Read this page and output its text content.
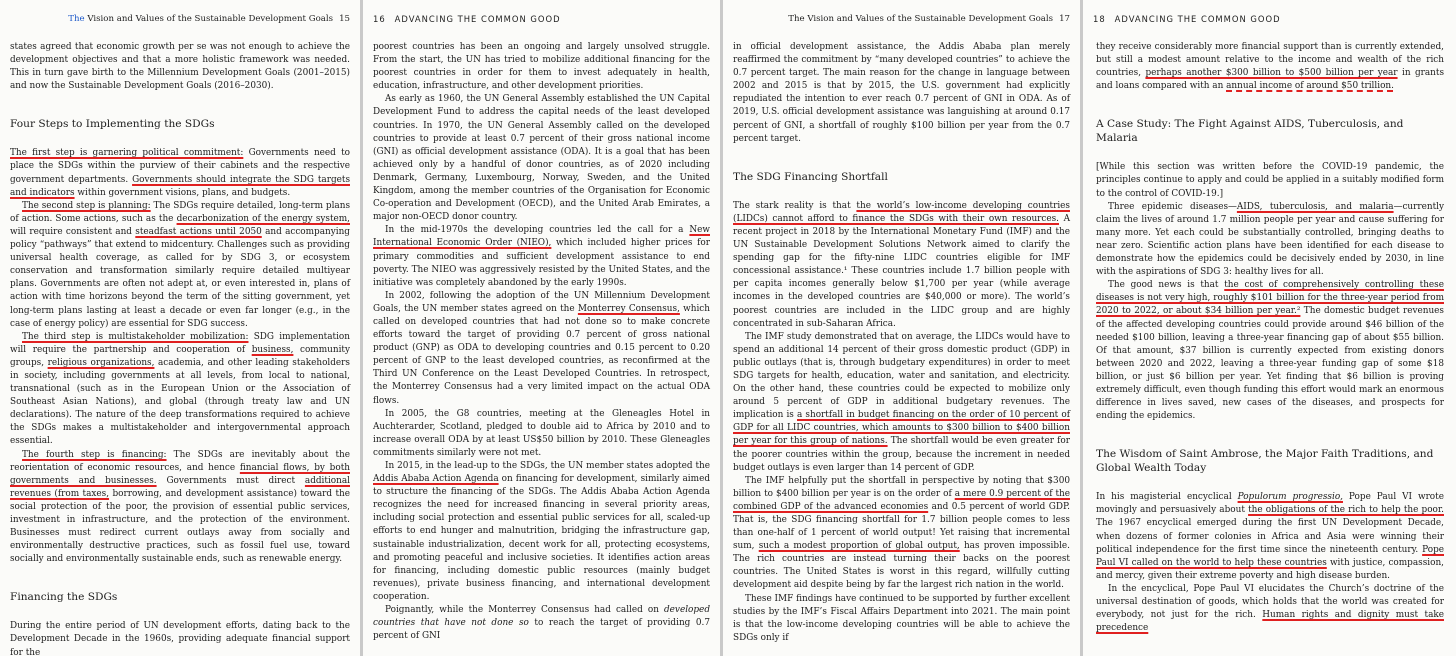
The Vision and Values of the Sustainable Development Goals 15

states agreed that economic growth per se was not enough to achieve the development objectives and that a more holistic framework was needed. This in turn gave birth to the Millennium Development Goals (2001–2015) and now the Sustainable Development Goals (2016–2030).

Four Steps to Implementing the SDGs

The first step is garnering political commitment: Governments need to place the SDGs within the purview of their cabinets and the respective government departments. Governments should integrate the SDG targets and indicators within government visions, plans, and budgets.

The second step is planning: The SDGs require detailed, long-term plans of action. Some actions, such as the decarbonization of the energy system, will require consistent and steadfast actions until 2050 and accompanying policy “pathways” that extend to midcentury. Challenges such as providing universal health coverage, as called for by SDG 3, or ecosystem conservation and transformation similarly require detailed multiyear plans. Governments are often not adept at, or even interested in, plans of action with time horizons beyond the term of the sitting government, yet long-term plans lasting at least a decade or even far longer (e.g., in the case of energy policy) are essential for SDG success.

The third step is multistakeholder mobilization: SDG implementation will require the partnership and cooperation of business, community groups, religious organizations, academia, and other leading stakeholders in society, including governments at all levels, from local to national, transnational (such as in the European Union or the Association of Southeast Asian Nations), and global (through treaty law and UN declarations). The nature of the deep transformations required to achieve the SDGs makes a multistakeholder and intergovernmental approach essential.

The fourth step is financing: The SDGs are inevitably about the reorientation of economic resources, and hence financial flows, by both governments and businesses. Governments must direct additional revenues (from taxes, borrowing, and development assistance) toward the social protection of the poor, the provision of essential public services, investment in infrastructure, and the protection of the environment. Businesses must redirect current outlays away from socially and environmentally destructive practices, such as fossil fuel use, toward socially and environmentally sustainable ends, such as renewable energy.

Financing the SDGs

During the entire period of UN development efforts, dating back to the Development Decade in the 1960s, providing adequate financial support for the

16 ADVANCING THE COMMON GOOD

poorest countries has been an ongoing and largely unsolved struggle. From the start, the UN has tried to mobilize additional financing for the poorest countries in order for them to invest adequately in health, education, infrastructure, and other development priorities.

As early as 1960, the UN General Assembly established the UN Capital Development Fund to address the capital needs of the least developed countries. In 1970, the UN General Assembly called on the developed countries to provide at least 0.7 percent of their gross national income (GNI) as official development assistance (ODA). It is a goal that has been achieved only by a handful of donor countries, as of 2020 including Denmark, Germany, Luxembourg, Norway, Sweden, and the United Kingdom, among the member countries of the Organisation for Economic Co-operation and Development (OECD), and the United Arab Emirates, a major non-OECD donor country.

In the mid-1970s the developing countries led the call for a New International Economic Order (NIEO), which included higher prices for primary commodities and sufficient development assistance to end poverty. The NIEO was aggressively resisted by the United States, and the initiative was completely abandoned by the early 1990s.

In 2002, following the adoption of the UN Millennium Development Goals, the UN member states agreed on the Monterrey Consensus, which called on developed countries that had not done so to make concrete efforts toward the target of providing 0.7 percent of gross national product (GNP) as ODA to developing countries and 0.15 percent to 0.20 percent of GNP to the least developed countries, as reconfirmed at the Third UN Conference on the Least Developed Countries. In retrospect, the Monterrey Consensus had a very limited impact on the actual ODA flows.

In 2005, the G8 countries, meeting at the Gleneagles Hotel in Auchterarder, Scotland, pledged to double aid to Africa by 2010 and to increase overall ODA by at least US$50 billion by 2010. These Gleneagles commitments similarly were not met.

In 2015, in the lead-up to the SDGs, the UN member states adopted the Addis Ababa Action Agenda on financing for development, similarly aimed to structure the financing of the SDGs. The Addis Ababa Action Agenda recognizes the need for increased financing in several priority areas, including social protection and essential public services for all, scaled-up efforts to end hunger and malnutrition, bridging the infrastructure gap, sustainable industrialization, decent work for all, protecting ecosystems, and promoting peaceful and inclusive societies. It identifies action areas for financing, including domestic public resources (mainly budget revenues), private business financing, and international development cooperation.

Poignantly, while the Monterrey Consensus had called on developed countries that have not done so to reach the target of providing 0.7 percent of GNI

The Vision and Values of the Sustainable Development Goals 17

in official development assistance, the Addis Ababa plan merely reaffirmed the commitment by “many developed countries” to achieve the 0.7 percent target. The main reason for the change in language between 2002 and 2015 is that by 2015, the U.S. government had explicitly repudiated the intention to ever reach 0.7 percent of GNI in ODA. As of 2019, U.S. official development assistance was languishing at around 0.17 percent of GNI, a shortfall of roughly $100 billion per year from the 0.7 percent target.

The SDG Financing Shortfall

The stark reality is that the world’s low-income developing countries (LIDCs) cannot afford to finance the SDGs with their own resources. A recent project in 2018 by the International Monetary Fund (IMF) and the UN Sustainable Development Solutions Network aimed to clarify the spending gap for the fifty-nine LIDC countries eligible for IMF concessional assistance.¹ These countries include 1.7 billion people with per capita incomes generally below $1,700 per year (while average incomes in the developed countries are $40,000 or more). The world’s poorest countries are included in the LIDC group and are highly concentrated in sub-Saharan Africa.

The IMF study demonstrated that on average, the LIDCs would have to spend an additional 14 percent of their gross domestic product (GDP) in public outlays (that is, through budgetary expenditures) in order to meet SDG targets for health, education, water and sanitation, and electricity. On the other hand, these countries could be expected to mobilize only around 5 percent of GDP in additional budgetary revenues. The implication is a shortfall in budget financing on the order of 10 percent of GDP for all LIDC countries, which amounts to $300 billion to $400 billion per year for this group of nations. The shortfall would be even greater for the poorer countries within the group, because the increment in needed budget outlays is even larger than 14 percent of GDP.

The IMF helpfully put the shortfall in perspective by noting that $300 billion to $400 billion per year is on the order of a mere 0.9 percent of the combined GDP of the advanced economies and 0.5 percent of world GDP. That is, the SDG financing shortfall for 1.7 billion people comes to less than one-half of 1 percent of world output! Yet raising that incremental sum, such a modest proportion of global output, has proven impossible. The rich countries are instead turning their backs on the poorest countries. The United States is worst in this regard, willfully cutting development aid despite being by far the largest rich nation in the world.

These IMF findings have continued to be supported by further excellent studies by the IMF’s Fiscal Affairs Department into 2021. The main point is that the low-income developing countries will be able to achieve the SDGs only if

18 ADVANCING THE COMMON GOOD

they receive considerably more financial support than is currently extended, but still a modest amount relative to the income and wealth of the rich countries, perhaps another $300 billion to $500 billion per year in grants and loans compared with an annual income of around $50 trillion.

A Case Study: The Fight Against AIDS, Tuberculosis, and Malaria

[While this section was written before the COVID-19 pandemic, the principles continue to apply and could be applied in a suitably modified form to the control of COVID-19.]

Three epidemic diseases—AIDS, tuberculosis, and malaria—currently claim the lives of around 1.7 million people per year and cause suffering for many more. Yet each could be substantially controlled, bringing deaths to near zero. Scientific action plans have been identified for each disease to demonstrate how the epidemics could be decisively ended by 2030, in line with the aspirations of SDG 3: healthy lives for all.

The good news is that the cost of comprehensively controlling these diseases is not very high, roughly $101 billion for the three-year period from 2020 to 2022, or about $34 billion per year.² The domestic budget revenues of the affected developing countries could provide around $46 billion of the needed $100 billion, leaving a three-year financing gap of about $55 billion. Of that amount, $37 billion is currently expected from existing donors between 2020 and 2022, leaving a three-year funding gap of some $18 billion, or just $6 billion per year. Yet finding that $6 billion is proving extremely difficult, even though funding this effort would mark an enormous difference in lives saved, new cases of the diseases, and prospects for ending the epidemics.

The Wisdom of Saint Ambrose, the Major Faith Traditions, and Global Wealth Today

In his magisterial encyclical Populorum progressio, Pope Paul VI wrote movingly and persuasively about the obligations of the rich to help the poor. The 1967 encyclical emerged during the first UN Development Decade, when dozens of former colonies in Africa and Asia were winning their political independence for the first time since the nineteenth century. Pope Paul VI called on the world to help these countries with justice, compassion, and mercy, given their extreme poverty and high disease burden.

In the encyclical, Pope Paul VI elucidates the Church’s doctrine of the universal destination of goods, which holds that the world was created for everybody, not just for the rich. Human rights and dignity must take precedence
